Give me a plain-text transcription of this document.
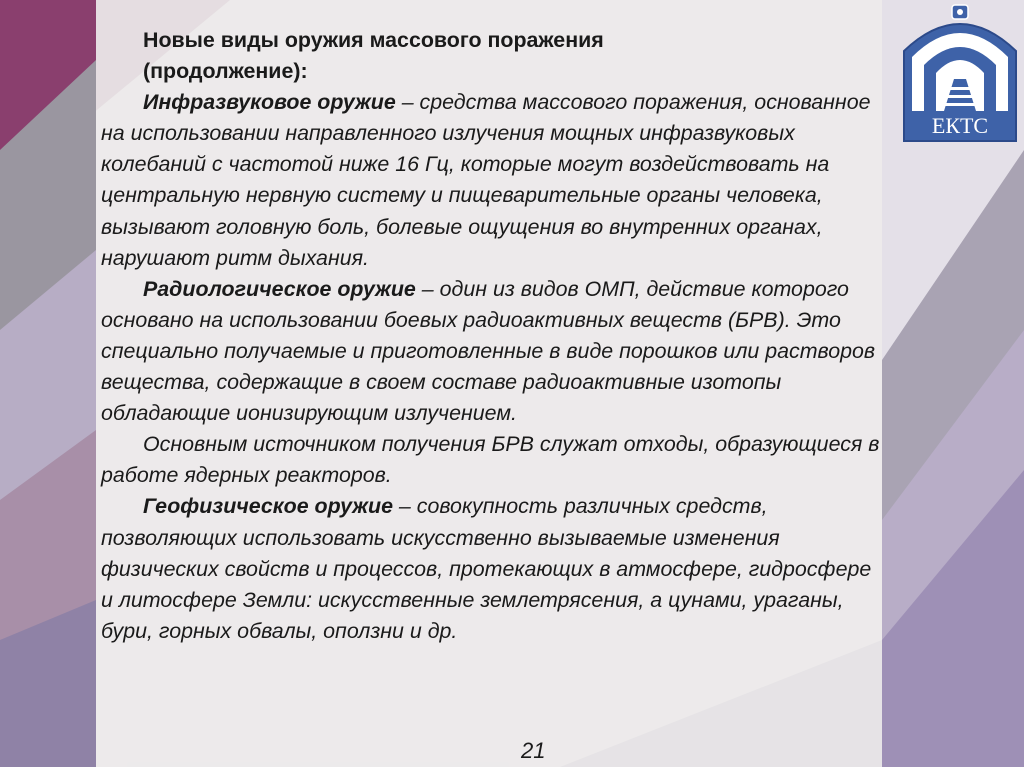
Новые виды оружия массового поражения

(продолжение):

Инфразвуковое оружие – средства массового поражения, основанное на использовании направленного излучения мощных инфразвуковых колебаний с частотой ниже 16 Гц, которые могут воздействовать на центральную нервную систему и пищеварительные органы человека, вызывают головную боль, болевые ощущения во внутренних органах, нарушают ритм дыхания.

Радиологическое оружие – один из видов ОМП, действие которого основано на использовании боевых радиоактивных веществ (БРВ). Это специально получаемые и приготовленные в виде порошков или растворов вещества, содержащие в своем составе радиоактивные изотопы обладающие ионизирующим излучением.

Основным источником получения БРВ служат отходы, образующиеся в работе ядерных реакторов.

Геофизическое оружие – совокупность различных средств, позволяющих использовать искусственно вызываемые изменения физических свойств и процессов, протекающих в атмосфере, гидросфере и литосфере Земли: искусственные землетрясения, а цунами, ураганы, бури, горных обвалы, оползни и др.

ЕКТС
21
